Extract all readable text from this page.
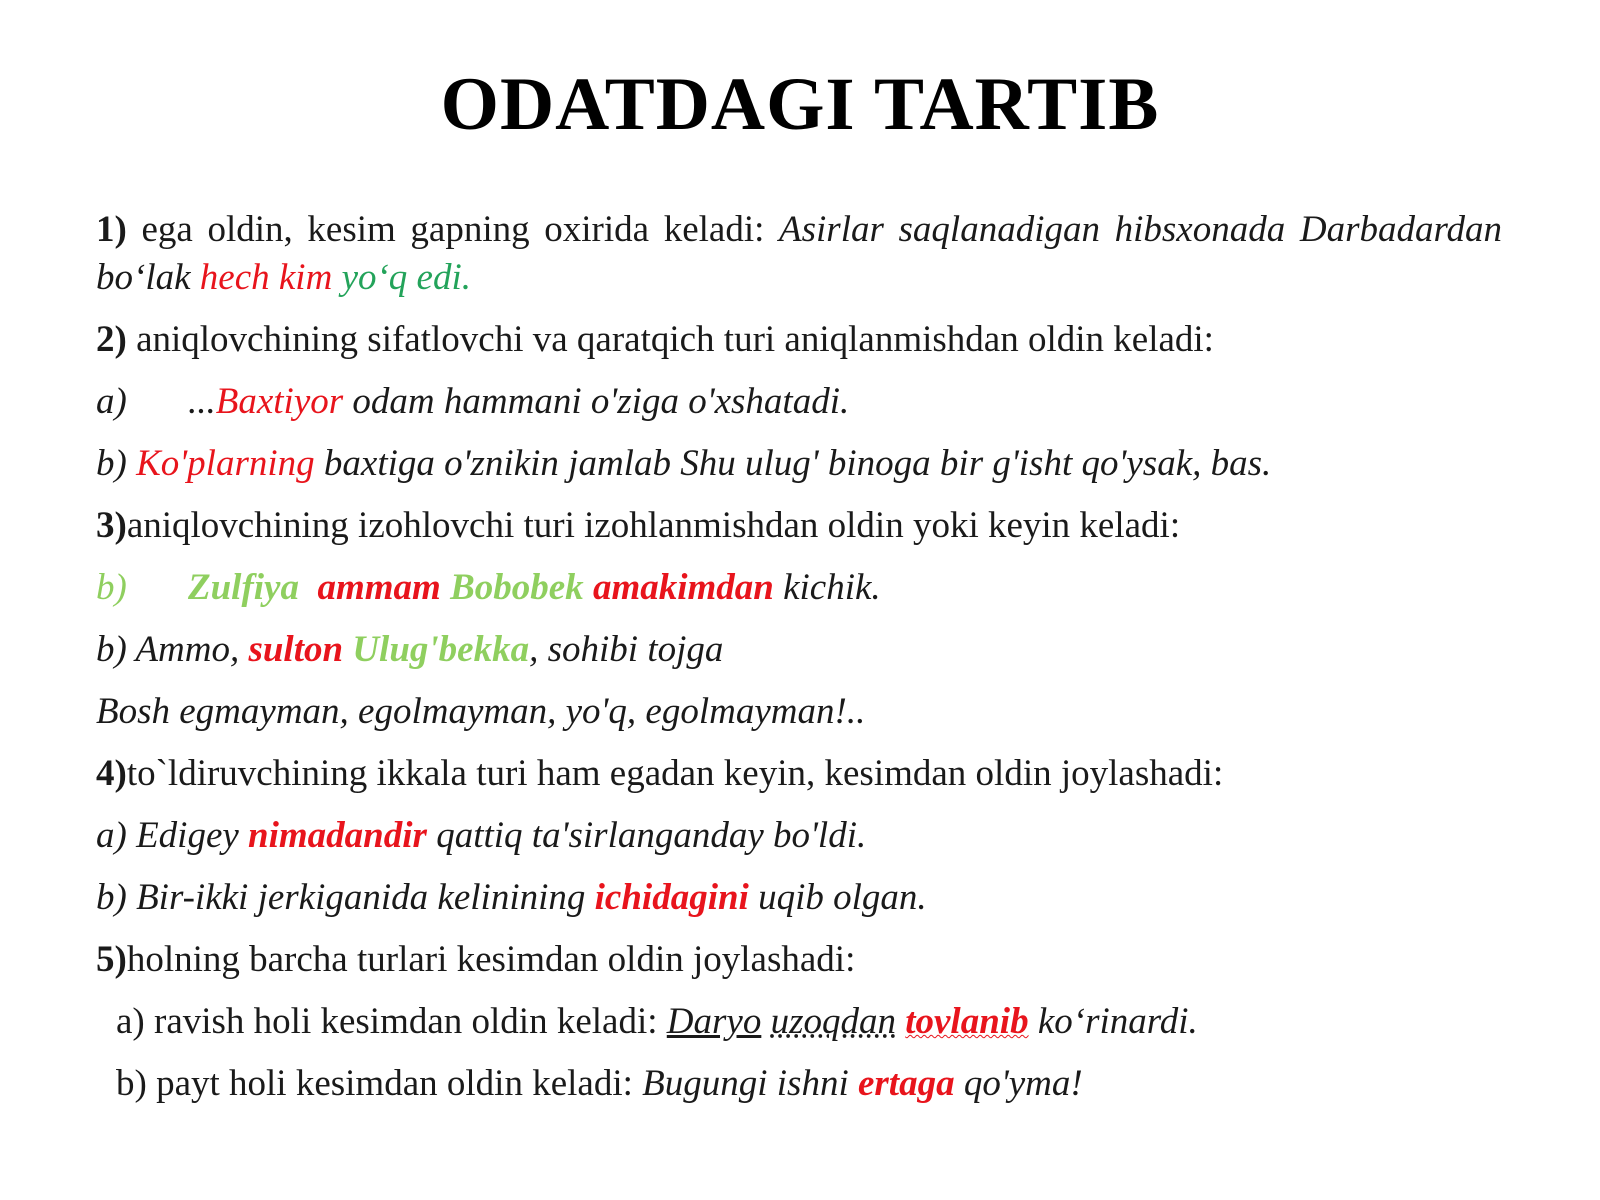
ODATDAGI TARTIB

1) ega oldin, kesim gapning oxirida keladi: Asirlar saqlanadigan hibsxonada Darbadardan bo‘lak hech kim yo‘q edi.

2) aniqlovchining sifatlovchi va qaratqich turi aniqlanmishdan oldin keladi:

a) ...Baxtiyor odam hammani o'ziga o'xshatadi.

b) Ko'plarning baxtiga o'znikin jamlab Shu ulug' binoga bir g'isht qo'ysak, bas.

3)aniqlovchining izohlovchi turi izohlanmishdan oldin yoki keyin keladi:

b) Zulfiya ammam Bobobek amakimdan kichik.

b) Ammo, sulton Ulug'bekka, sohibi tojga

Bosh egmayman, egolmayman, yo'q, egolmayman!..

4)to`ldiruvchining ikkala turi ham egadan keyin, kesimdan oldin joylashadi:

a) Edigey nimadandir qattiq ta'sirlanganday bo'ldi.

b) Bir-ikki jerkiganida kelinining ichidagini uqib olgan.

5)holning barcha turlari kesimdan oldin joylashadi:

a) ravish holi kesimdan oldin keladi: Daryo uzoqdan tovlanib ko‘rinardi.

b) payt holi kesimdan oldin keladi: Bugungi ishni ertaga qo'yma!
